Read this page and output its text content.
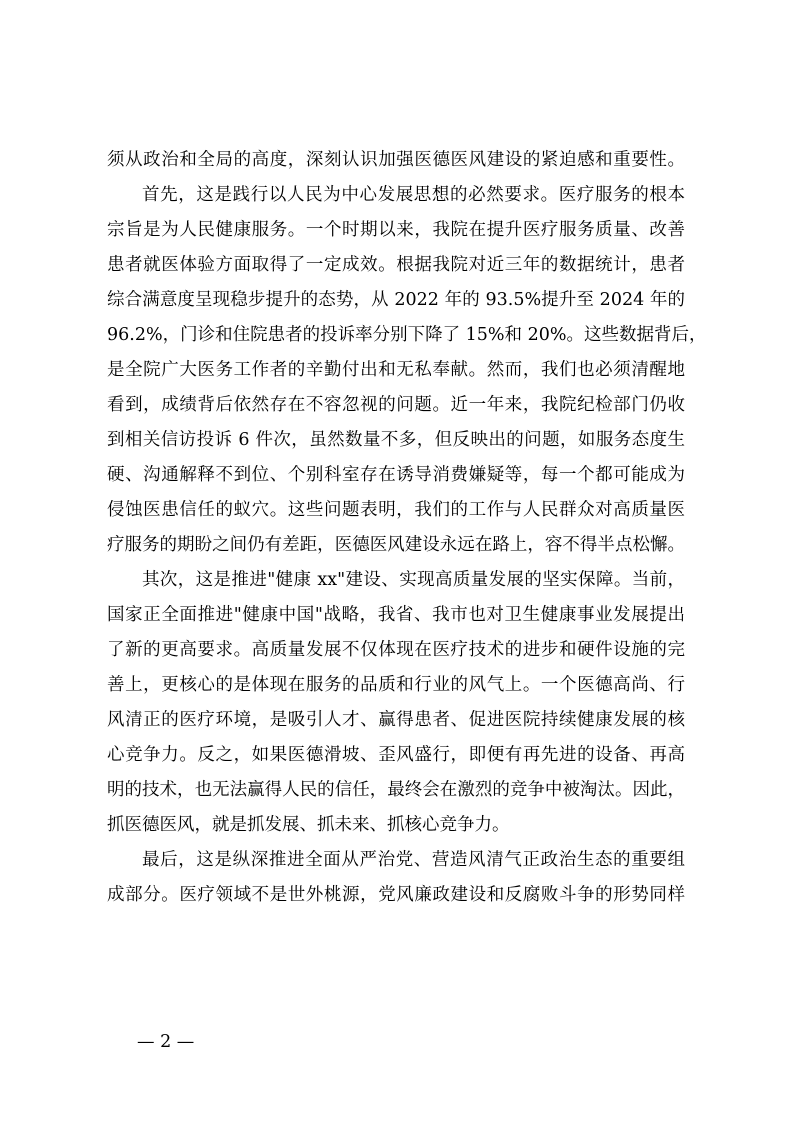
须从政治和全局的高度，深刻认识加强医德医风建设的紧迫感和重要性。
首先，这是践行以人民为中心发展思想的必然要求。医疗服务的根本
宗旨是为人民健康服务。一个时期以来，我院在提升医疗服务质量、改善
患者就医体验方面取得了一定成效。根据我院对近三年的数据统计，患者
综合满意度呈现稳步提升的态势，从 2022 年的 93.5%提升至 2024 年的
96.2%，门诊和住院患者的投诉率分别下降了 15%和 20%。这些数据背后，
是全院广大医务工作者的辛勤付出和无私奉献。然而，我们也必须清醒地
看到，成绩背后依然存在不容忽视的问题。近一年来，我院纪检部门仍收
到相关信访投诉 6 件次，虽然数量不多，但反映出的问题，如服务态度生
硬、沟通解释不到位、个别科室存在诱导消费嫌疑等，每一个都可能成为
侵蚀医患信任的蚁穴。这些问题表明，我们的工作与人民群众对高质量医
疗服务的期盼之间仍有差距，医德医风建设永远在路上，容不得半点松懈。
其次，这是推进"健康 xx"建设、实现高质量发展的坚实保障。当前，
国家正全面推进"健康中国"战略，我省、我市也对卫生健康事业发展提出
了新的更高要求。高质量发展不仅体现在医疗技术的进步和硬件设施的完
善上，更核心的是体现在服务的品质和行业的风气上。一个医德高尚、行
风清正的医疗环境，是吸引人才、赢得患者、促进医院持续健康发展的核
心竞争力。反之，如果医德滑坡、歪风盛行，即便有再先进的设备、再高
明的技术，也无法赢得人民的信任，最终会在激烈的竞争中被淘汰。因此，
抓医德医风，就是抓发展、抓未来、抓核心竞争力。
最后，这是纵深推进全面从严治党、营造风清气正政治生态的重要组
成部分。医疗领域不是世外桃源，党风廉政建设和反腐败斗争的形势同样
— 2 —
